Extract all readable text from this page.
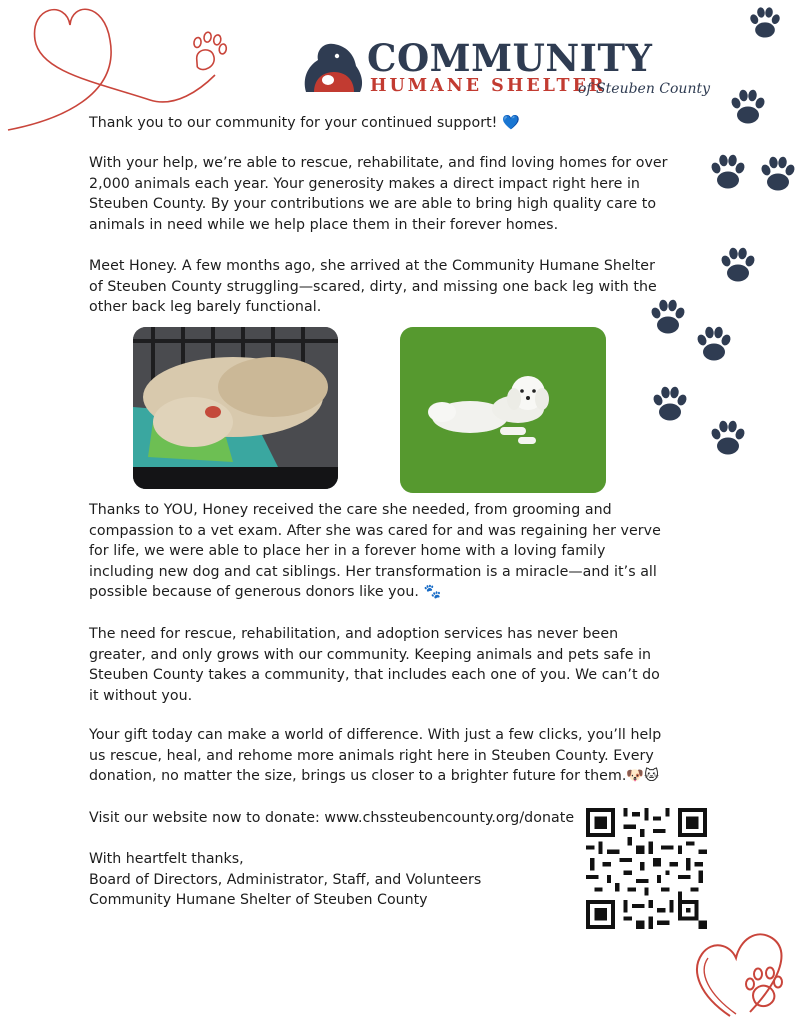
COMMUNITY

HUMANE SHELTER

of Steuben County

Thank you to our community for your continued support! 💙

With your help, we’re able to rescue, rehabilitate, and find loving homes for over 2,000 animals each year. Your generosity makes a direct impact right here in Steuben County. By your contributions we are able to bring high quality care to animals in need while we help place them in their forever homes.

Meet Honey. A few months ago, she arrived at the Community Humane Shelter of Steuben County struggling—scared, dirty, and missing one back leg with the other back leg barely functional.

Thanks to YOU, Honey received the care she needed, from grooming and compassion to a vet exam. After she was cared for and was regaining her verve for life, we were able to place her in a forever home with a loving family including new dog and cat siblings. Her transformation is a miracle—and it’s all possible because of generous donors like you. 🐾

The need for rescue, rehabilitation, and adoption services has never been greater, and only grows with our community. Keeping animals and pets safe in Steuben County takes a community, that includes each one of you. We can’t do it without you.

Your gift today can make a world of difference. With just a few clicks, you’ll help us rescue, heal, and rehome more animals right here in Steuben County. Every donation, no matter the size, brings us closer to a brighter future for them.🐶🐱

Visit our website now to donate: www.chssteubencounty.org/donate

With heartfelt thanks,

Board of Directors, Administrator, Staff, and Volunteers

Community Humane Shelter of Steuben County
